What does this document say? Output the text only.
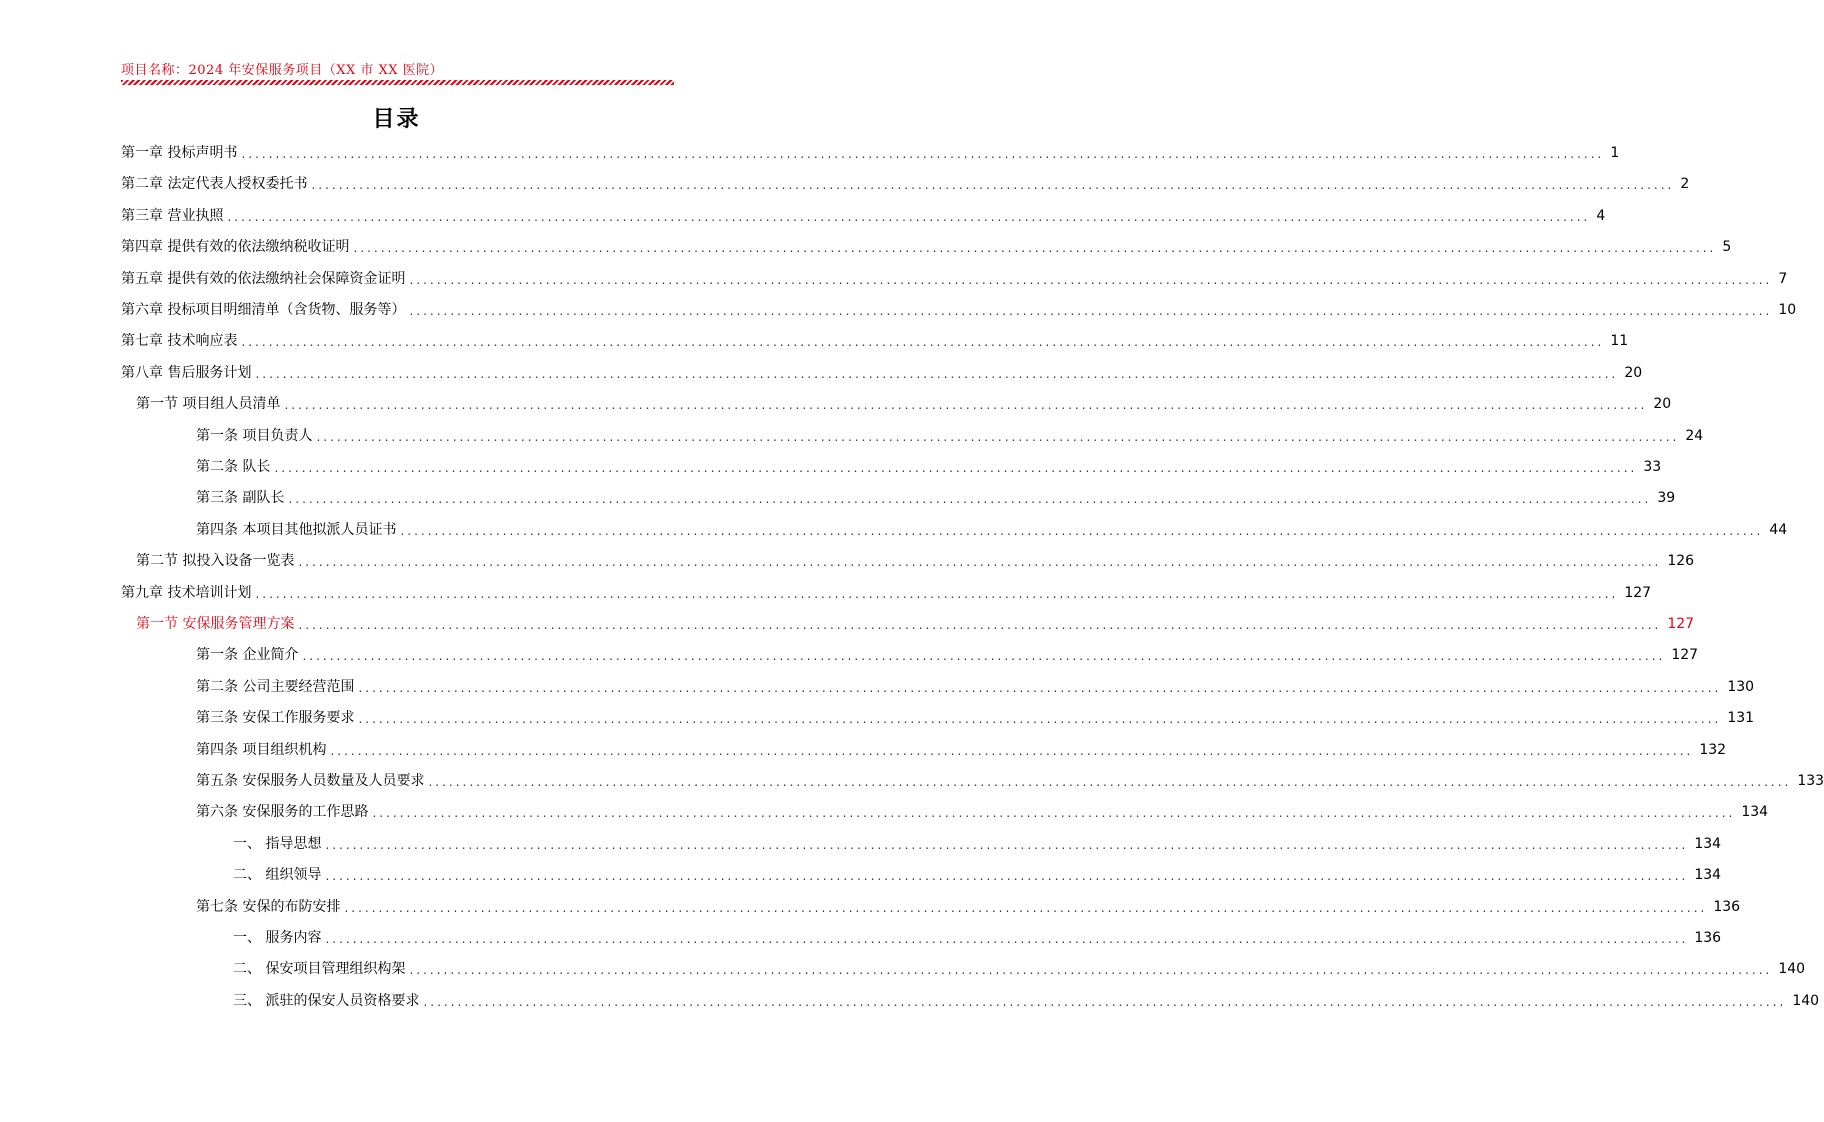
项目名称：2024 年安保服务项目（XX 市 XX 医院）
目录
第一章 投标声明书 ........................................................................................................................................................................................................ 1
第二章 法定代表人授权委托书 ........................................................................................................................................................................................................ 2
第三章 营业执照 ........................................................................................................................................................................................................ 4
第四章 提供有效的依法缴纳税收证明 ........................................................................................................................................................................................................ 5
第五章 提供有效的依法缴纳社会保障资金证明 ........................................................................................................................................................................................................ 7
第六章 投标项目明细清单（含货物、服务等） ........................................................................................................................................................................................................ 10
第七章 技术响应表 ........................................................................................................................................................................................................ 11
第八章 售后服务计划 ........................................................................................................................................................................................................ 20
第一节 项目组人员清单 ........................................................................................................................................................................................................ 20
第一条 项目负责人 ........................................................................................................................................................................................................ 24
第二条 队长 ........................................................................................................................................................................................................ 33
第三条 副队长 ........................................................................................................................................................................................................ 39
第四条 本项目其他拟派人员证书 ........................................................................................................................................................................................................ 44
第二节 拟投入设备一览表 ........................................................................................................................................................................................................ 126
第九章 技术培训计划 ........................................................................................................................................................................................................ 127
第一节 安保服务管理方案 ........................................................................................................................................................................................................ 127
第一条 企业简介 ........................................................................................................................................................................................................ 127
第二条 公司主要经营范围 ........................................................................................................................................................................................................ 130
第三条 安保工作服务要求 ........................................................................................................................................................................................................ 131
第四条 项目组织机构 ........................................................................................................................................................................................................ 132
第五条 安保服务人员数量及人员要求 ........................................................................................................................................................................................................ 133
第六条 安保服务的工作思路 ........................................................................................................................................................................................................ 134
一、 指导思想 ........................................................................................................................................................................................................ 134
二、 组织领导 ........................................................................................................................................................................................................ 134
第七条 安保的布防安排 ........................................................................................................................................................................................................ 136
一、 服务内容 ........................................................................................................................................................................................................ 136
二、 保安项目管理组织构架 ........................................................................................................................................................................................................ 140
三、 派驻的保安人员资格要求 ........................................................................................................................................................................................................ 140
